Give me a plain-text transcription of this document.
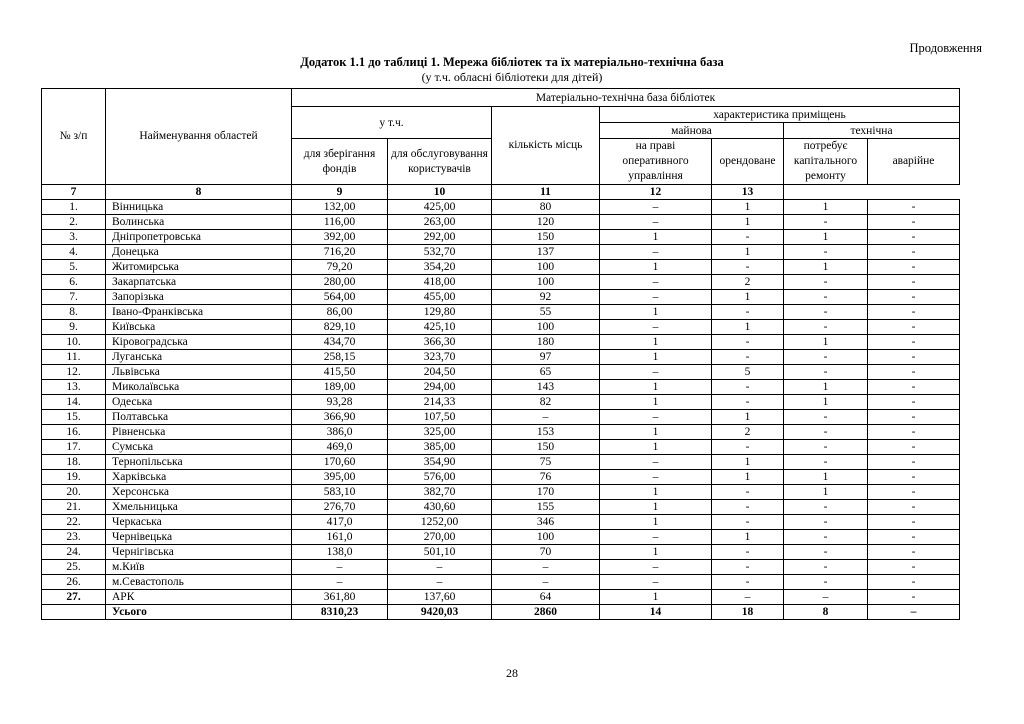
Продовження
Додаток 1.1 до таблиці 1. Мережа бібліотек та їх матеріально-технічна база
(у т.ч. обласні бібліотеки для дітей)
№ з/п	Найменування областей	Матеріально-технічна база бібліотек						
		у т.ч.		кількість місць	характеристика приміщень			
					майнова		технічна	
		для зберігання фондів	для обслуговування користувачів		на праві оперативного управління	орендоване	потребує капітального ремонту	аварійне
7	8	9	10	11	12	13		
1.	Вінницька	132,00	425,00	80	–	1	1	-
2.	Волинська	116,00	263,00	120	–	1	-	-
3.	Дніпропетровська	392,00	292,00	150	1	-	1	-
4.	Донецька	716,20	532,70	137	–	1	-	-
5.	Житомирська	79,20	354,20	100	1	-	1	-
6.	Закарпатська	280,00	418,00	100	–	2	-	-
7.	Запорізька	564,00	455,00	92	–	1	-	-
8.	Івано-Франківська	86,00	129,80	55	1	-	-	-
9.	Київська	829,10	425,10	100	–	1	-	-
10.	Кіровоградська	434,70	366,30	180	1	-	1	-
11.	Луганська	258,15	323,70	97	1	-	-	-
12.	Львівська	415,50	204,50	65	–	5	-	-
13.	Миколаївська	189,00	294,00	143	1	-	1	-
14.	Одеська	93,28	214,33	82	1	-	1	-
15.	Полтавська	366,90	107,50	–	–	1	-	-
16.	Рівненська	386,0	325,00	153	1	2	-	-
17.	Сумська	469,0	385,00	150	1	-	-	-
18.	Тернопільська	170,60	354,90	75	–	1	-	-
19.	Харківська	395,00	576,00	76	–	1	1	-
20.	Херсонська	583,10	382,70	170	1	-	1	-
21.	Хмельницька	276,70	430,60	155	1	-	-	-
22.	Черкаська	417,0	1252,00	346	1	-	-	-
23.	Чернівецька	161,0	270,00	100	–	1	-	-
24.	Чернігівська	138,0	501,10	70	1	-	-	-
25.	м.Київ	–	–	–	–	-	-	-
26.	м.Севастополь	–	–	–	–	-	-	-
27.	АРК	361,80	137,60	64	1	–	–	-
	Усього	8310,23	9420,03	2860	14	18	8	–
28
